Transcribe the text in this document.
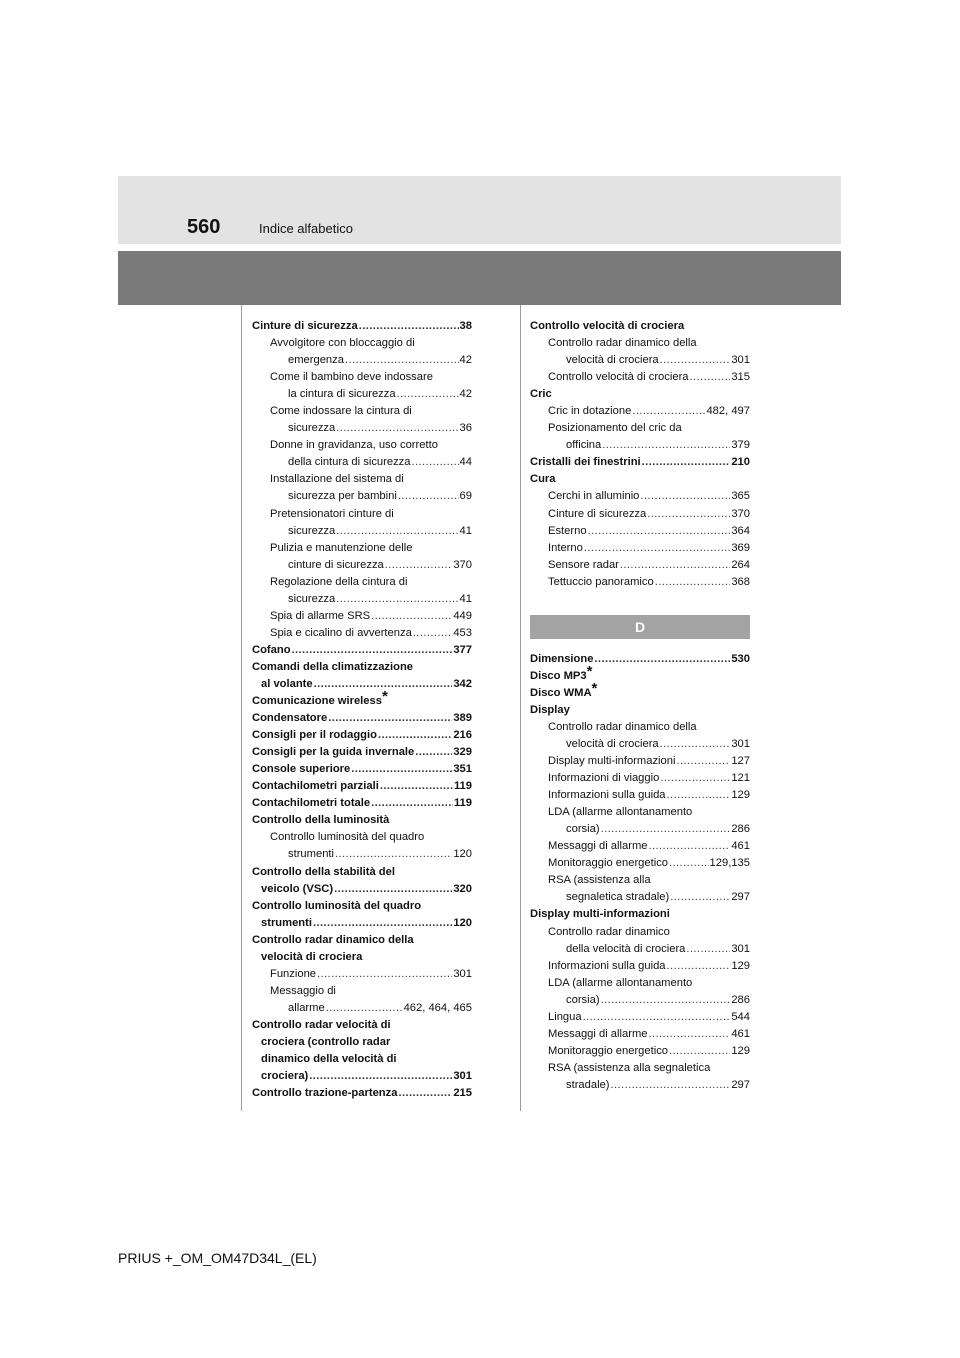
560	Indice alfabetico
Cinture di sicurezza .....	38
Avvolgitore con bloccaggio di
emergenza .....	42
Come il bambino deve indossare
la cintura di sicurezza .....	42
Come indossare la cintura di
sicurezza .....	36
Donne in gravidanza, uso corretto
della cintura di sicurezza .....	44
Installazione del sistema di
sicurezza per bambini .....	69
Pretensionatori cinture di
sicurezza .....	41
Pulizia e manutenzione delle
cinture di sicurezza .....	370
Regolazione della cintura di
sicurezza .....	41
Spia di allarme SRS .....	449
Spia e cicalino di avvertenza .....	453
Cofano .....	377
Comandi della climatizzazione
al volante .....	342
Comunicazione wireless*
Condensatore .....	389
Consigli per il rodaggio .....	216
Consigli per la guida invernale .....	329
Console superiore .....	351
Contachilometri parziali .....	119
Contachilometri totale .....	119
Controllo della luminosità
Controllo luminosità del quadro
strumenti .....	120
Controllo della stabilità del
veicolo (VSC) .....	320
Controllo luminosità del quadro
strumenti .....	120
Controllo radar dinamico della
velocità di crociera
Funzione .....	301
Messaggio di
allarme .....	462, 464, 465
Controllo radar velocità di
crociera (controllo radar
dinamico della velocità di
crociera) .....	301
Controllo trazione-partenza .....	215
Controllo velocità di crociera
Controllo radar dinamico della
velocità di crociera .....	301
Controllo velocità di crociera .....	315
Cric
Cric in dotazione .....	482, 497
Posizionamento del cric da
officina .....	379
Cristalli dei finestrini .....	210
Cura
Cerchi in alluminio .....	365
Cinture di sicurezza .....	370
Esterno .....	364
Interno .....	369
Sensore radar .....	264
Tettuccio panoramico .....	368
D
Dimensione .....	530
Disco MP3*
Disco WMA*
Display
Controllo radar dinamico della
velocità di crociera .....	301
Display multi-informazioni .....	127
Informazioni di viaggio .....	121
Informazioni sulla guida .....	129
LDA (allarme allontanamento
corsia) .....	286
Messaggi di allarme .....	461
Monitoraggio energetico .....	129,135
RSA (assistenza alla
segnaletica stradale) .....	297
Display multi-informazioni
Controllo radar dinamico
della velocità di crociera .....	301
Informazioni sulla guida .....	129
LDA (allarme allontanamento
corsia) .....	286
Lingua .....	544
Messaggi di allarme .....	461
Monitoraggio energetico .....	129
RSA (assistenza alla segnaletica
stradale) .....	297
PRIUS +_OM_OM47D34L_(EL)
